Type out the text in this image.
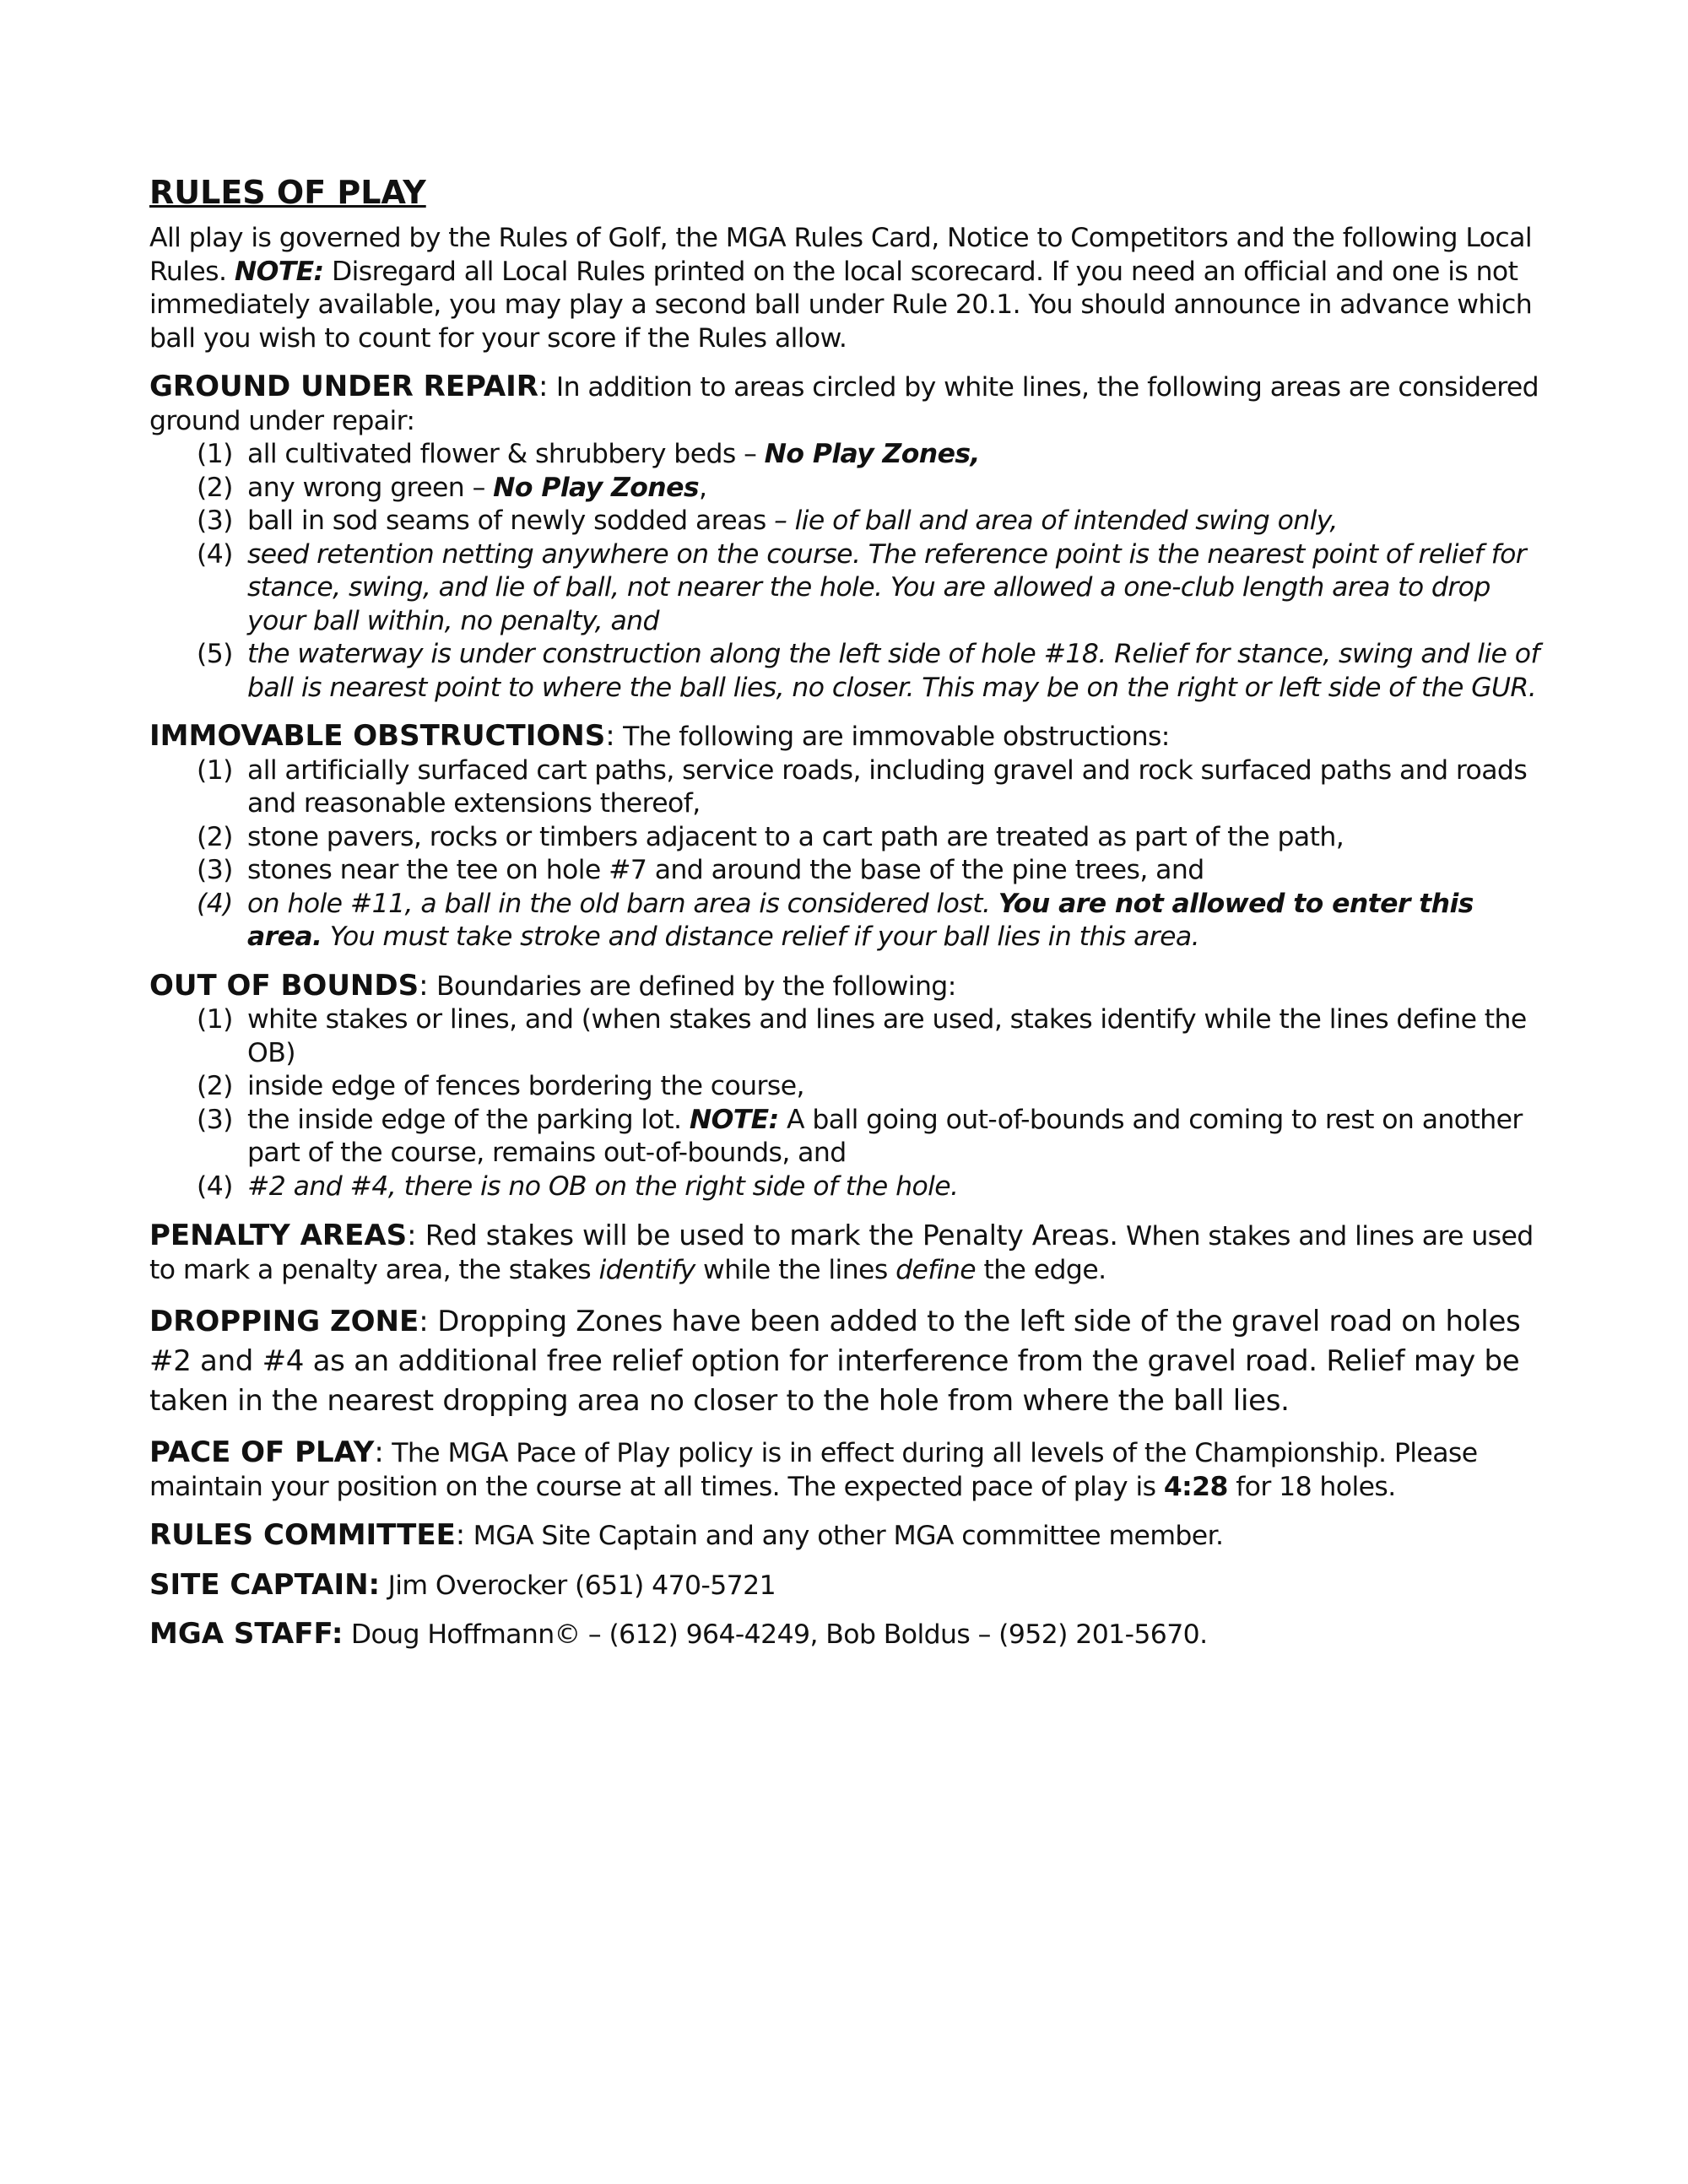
RULES OF PLAY
All play is governed by the Rules of Golf, the MGA Rules Card, Notice to Competitors and the following Local Rules. NOTE: Disregard all Local Rules printed on the local scorecard. If you need an official and one is not immediately available, you may play a second ball under Rule 20.1. You should announce in advance which ball you wish to count for your score if the Rules allow.
GROUND UNDER REPAIR: In addition to areas circled by white lines, the following areas are considered ground under repair:
(1) all cultivated flower & shrubbery beds – No Play Zones,
(2) any wrong green – No Play Zones,
(3) ball in sod seams of newly sodded areas – lie of ball and area of intended swing only,
(4) seed retention netting anywhere on the course. The reference point is the nearest point of relief for stance, swing, and lie of ball, not nearer the hole. You are allowed a one-club length area to drop your ball within, no penalty, and
(5) the waterway is under construction along the left side of hole #18. Relief for stance, swing and lie of ball is nearest point to where the ball lies, no closer. This may be on the right or left side of the GUR.
IMMOVABLE OBSTRUCTIONS: The following are immovable obstructions:
(1) all artificially surfaced cart paths, service roads, including gravel and rock surfaced paths and roads and reasonable extensions thereof,
(2) stone pavers, rocks or timbers adjacent to a cart path are treated as part of the path,
(3) stones near the tee on hole #7 and around the base of the pine trees, and
(4) on hole #11, a ball in the old barn area is considered lost. You are not allowed to enter this area. You must take stroke and distance relief if your ball lies in this area.
OUT OF BOUNDS: Boundaries are defined by the following:
(1) white stakes or lines, and (when stakes and lines are used, stakes identify while the lines define the OB)
(2) inside edge of fences bordering the course,
(3) the inside edge of the parking lot. NOTE: A ball going out-of-bounds and coming to rest on another part of the course, remains out-of-bounds, and
(4) #2 and #4, there is no OB on the right side of the hole.
PENALTY AREAS: Red stakes will be used to mark the Penalty Areas. When stakes and lines are used to mark a penalty area, the stakes identify while the lines define the edge.
DROPPING ZONE: Dropping Zones have been added to the left side of the gravel road on holes #2 and #4 as an additional free relief option for interference from the gravel road. Relief may be taken in the nearest dropping area no closer to the hole from where the ball lies.
PACE OF PLAY: The MGA Pace of Play policy is in effect during all levels of the Championship. Please maintain your position on the course at all times. The expected pace of play is 4:28 for 18 holes.
RULES COMMITTEE: MGA Site Captain and any other MGA committee member.
SITE CAPTAIN: Jim Overocker (651) 470-5721
MGA STAFF: Doug Hoffmann© – (612) 964-4249, Bob Boldus – (952) 201-5670.
